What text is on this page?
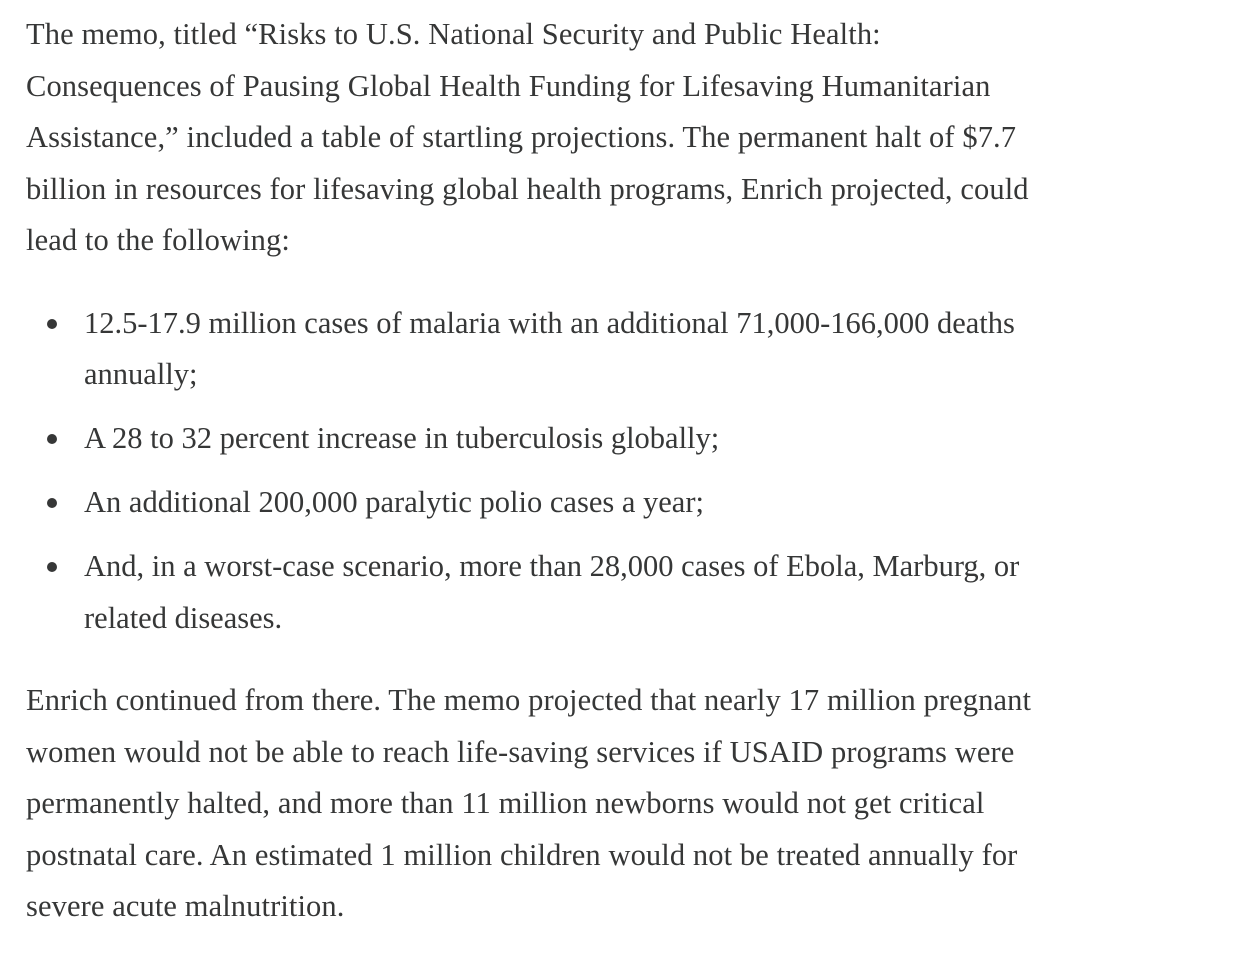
The memo, titled “Risks to U.S. National Security and Public Health:
Consequences of Pausing Global Health Funding for Lifesaving Humanitarian
Assistance,” included a table of startling projections. The permanent halt of $7.7
billion in resources for lifesaving global health programs, Enrich projected, could
lead to the following:

12.5-17.9 million cases of malaria with an additional 71,000-166,000 deaths
annually;
A 28 to 32 percent increase in tuberculosis globally;
An additional 200,000 paralytic polio cases a year;
And, in a worst-case scenario, more than 28,000 cases of Ebola, Marburg, or
related diseases.

Enrich continued from there. The memo projected that nearly 17 million pregnant
women would not be able to reach life-saving services if USAID programs were
permanently halted, and more than 11 million newborns would not get critical
postnatal care. An estimated 1 million children would not be treated annually for
severe acute malnutrition.
